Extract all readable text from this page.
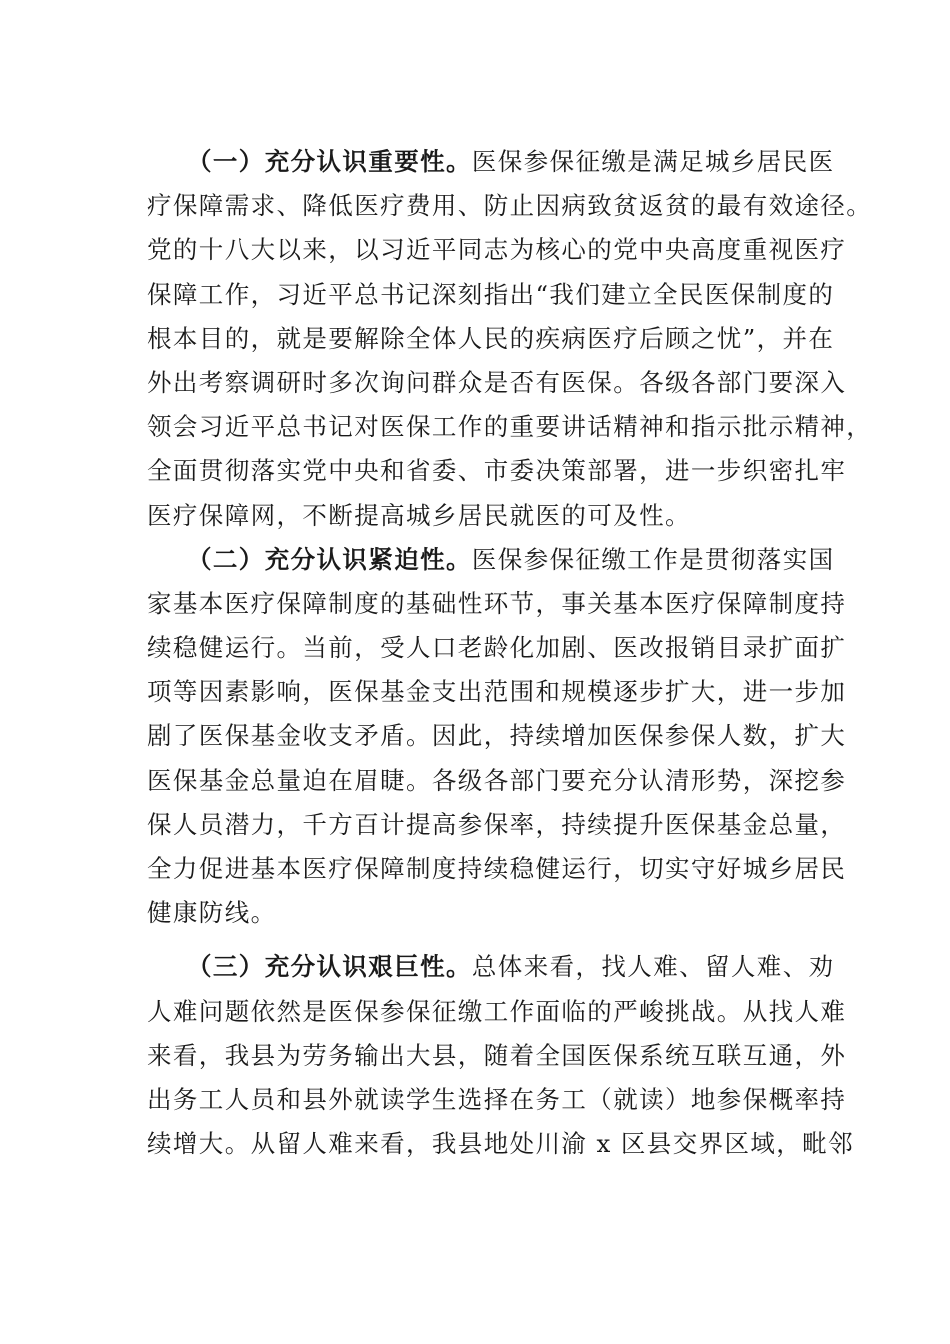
（一）充分认识重要性。医保参保征缴是满足城乡居民医
疗保障需求、降低医疗费用、防止因病致贫返贫的最有效途径。
党的十八大以来，以习近平同志为核心的党中央高度重视医疗
保障工作，习近平总书记深刻指出“我们建立全民医保制度的
根本目的，就是要解除全体人民的疾病医疗后顾之忧”，并在
外出考察调研时多次询问群众是否有医保。各级各部门要深入
领会习近平总书记对医保工作的重要讲话精神和指示批示精神，
全面贯彻落实党中央和省委、市委决策部署，进一步织密扎牢
医疗保障网，不断提高城乡居民就医的可及性。
（二）充分认识紧迫性。医保参保征缴工作是贯彻落实国
家基本医疗保障制度的基础性环节，事关基本医疗保障制度持
续稳健运行。当前，受人口老龄化加剧、医改报销目录扩面扩
项等因素影响，医保基金支出范围和规模逐步扩大，进一步加
剧了医保基金收支矛盾。因此，持续增加医保参保人数，扩大
医保基金总量迫在眉睫。各级各部门要充分认清形势，深挖参
保人员潜力，千方百计提高参保率，持续提升医保基金总量，
全力促进基本医疗保障制度持续稳健运行，切实守好城乡居民
健康防线。
（三）充分认识艰巨性。总体来看，找人难、留人难、劝
人难问题依然是医保参保征缴工作面临的严峻挑战。从找人难
来看，我县为劳务输出大县，随着全国医保系统互联互通，外
出务工人员和县外就读学生选择在务工（就读）地参保概率持
续增大。从留人难来看，我县地处川渝 x 区县交界区域，毗邻
